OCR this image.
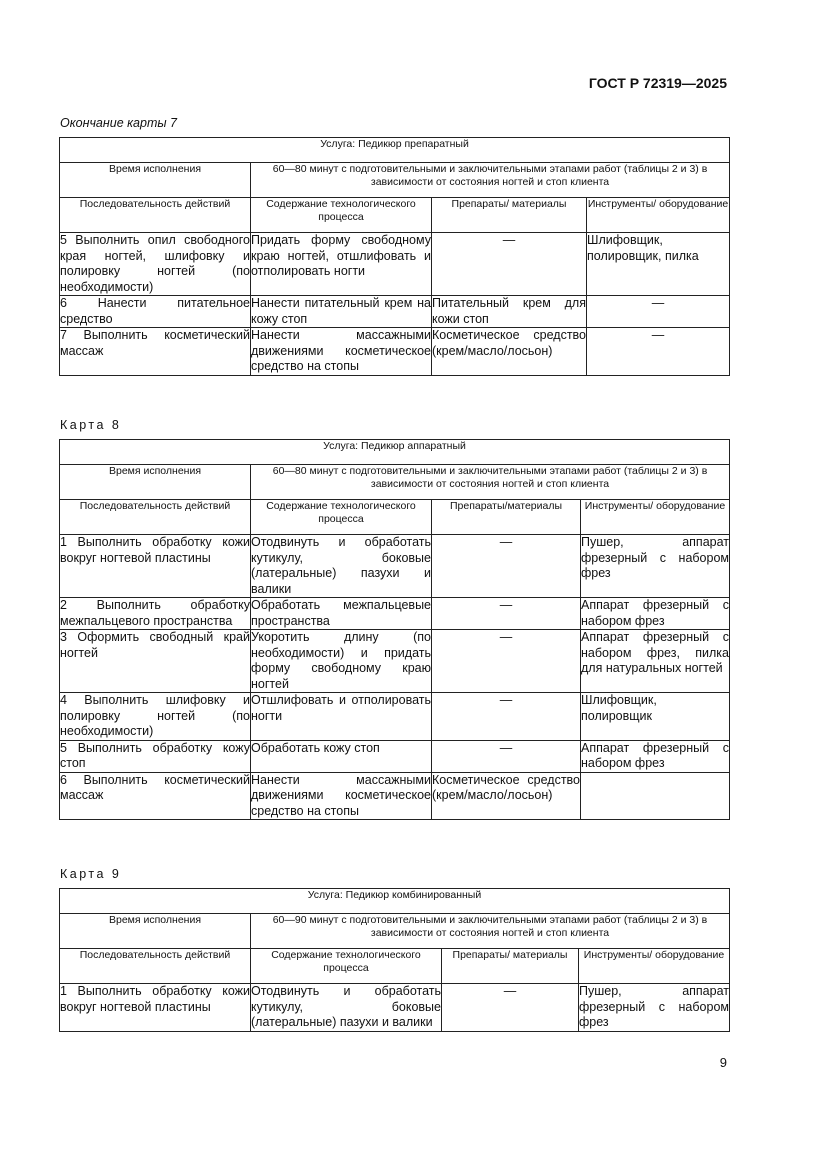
ГОСТ Р 72319—2025
Окончание карты 7
Услуга: Педикюр препаратный			
Время исполнения	60—80 минут с подготовительными и заключительными этапами работ (таблицы 2 и 3) в зависимости от состояния ногтей и стоп клиента		
Последовательность действий	Содержание технологического процесса	Препараты/ материалы	Инструменты/ оборудование
5 Выполнить опил свободного края ногтей, шлифовку и полировку ногтей (по необходимости)	Придать форму свободному краю ногтей, отшлифовать и отполировать ногти	—	Шлифовщик, полировщик, пилка
6 Нанести питательное средство	Нанести питательный крем на кожу стоп	Питательный крем для кожи стоп	—
7 Выполнить косметический массаж	Нанести массажными движениями косметическое средство на стопы	Косметическое средство (крем/масло/лосьон)	—
Карта 8
Услуга: Педикюр аппаратный			
Время исполнения	60—80 минут с подготовительными и заключительными этапами работ (таблицы 2 и 3) в зависимости от состояния ногтей и стоп клиента		
Последовательность действий	Содержание технологического процесса	Препараты/материалы	Инструменты/ оборудование
1 Выполнить обработку кожи вокруг ногтевой пластины	Отодвинуть и обработать кутикулу, боковые (латеральные) пазухи и валики	—	Пушер, аппарат фрезерный с набором фрез
2 Выполнить обработку межпальцевого пространства	Обработать межпальцевые пространства	—	Аппарат фрезерный с набором фрез
3 Оформить свободный край ногтей	Укоротить длину (по необходимости) и придать форму свободному краю ногтей	—	Аппарат фрезерный с набором фрез, пилка для натуральных ногтей
4 Выполнить шлифовку и полировку ногтей (по необходимости)	Отшлифовать и отполировать ногти	—	Шлифовщик, полировщик
5 Выполнить обработку кожу стоп	Обработать кожу стоп	—	Аппарат фрезерный с набором фрез
6 Выполнить косметический массаж	Нанести массажными движениями косметическое средство на стопы	Косметическое средство (крем/масло/лосьон)	
Карта 9
Услуга: Педикюр комбинированный			
Время исполнения	60—90 минут с подготовительными и заключительными этапами работ (таблицы 2 и 3) в зависимости от состояния ногтей и стоп клиента		
Последовательность действий	Содержание технологического процесса	Препараты/ материалы	Инструменты/ оборудование
1 Выполнить обработку кожи вокруг ногтевой пластины	Отодвинуть и обработать кутикулу, боковые (латеральные) пазухи и валики	—	Пушер, аппарат фрезерный с набором фрез
9
